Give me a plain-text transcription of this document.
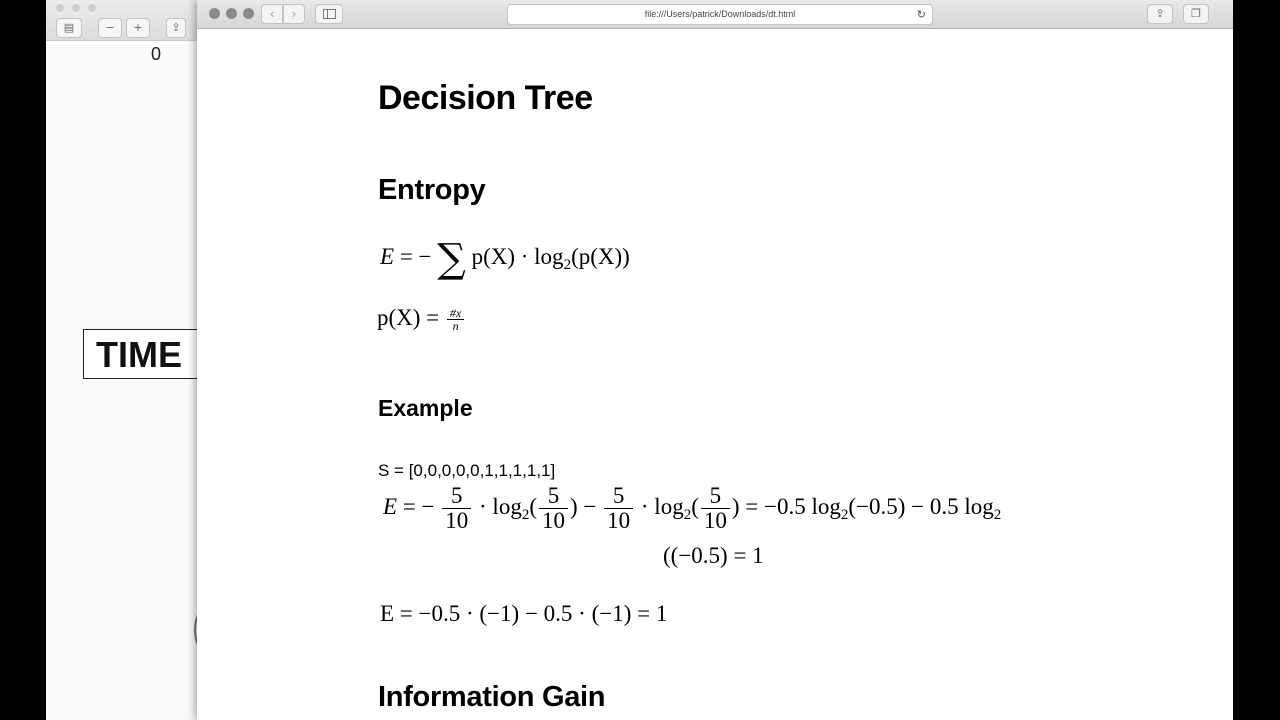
▤	−	+	⇪
0
TIME
‹	›	file:///Users/patrick/Downloads/dt.html	↻	⇪	❐
Decision Tree
Entropy
E = − ∑ $p(X) \cdot \log_2(p(X))$
$p(X) = \frac{\#x}{n}$
Example
S = [0,0,0,0,0,1,1,1,1,1]
E = − $\frac{5}{10} \cdot \log_2( \frac{5}{10}$ ) − $\frac{5}{10} \cdot \log_2( \frac{5}{10}$ ) = −0.5 $\log_2(-0.5) - 0.5$ $\log_2$
((−0.5) = 1
E = −0.5 · (−1) − 0.5 · (−1) = 1
Information Gain
